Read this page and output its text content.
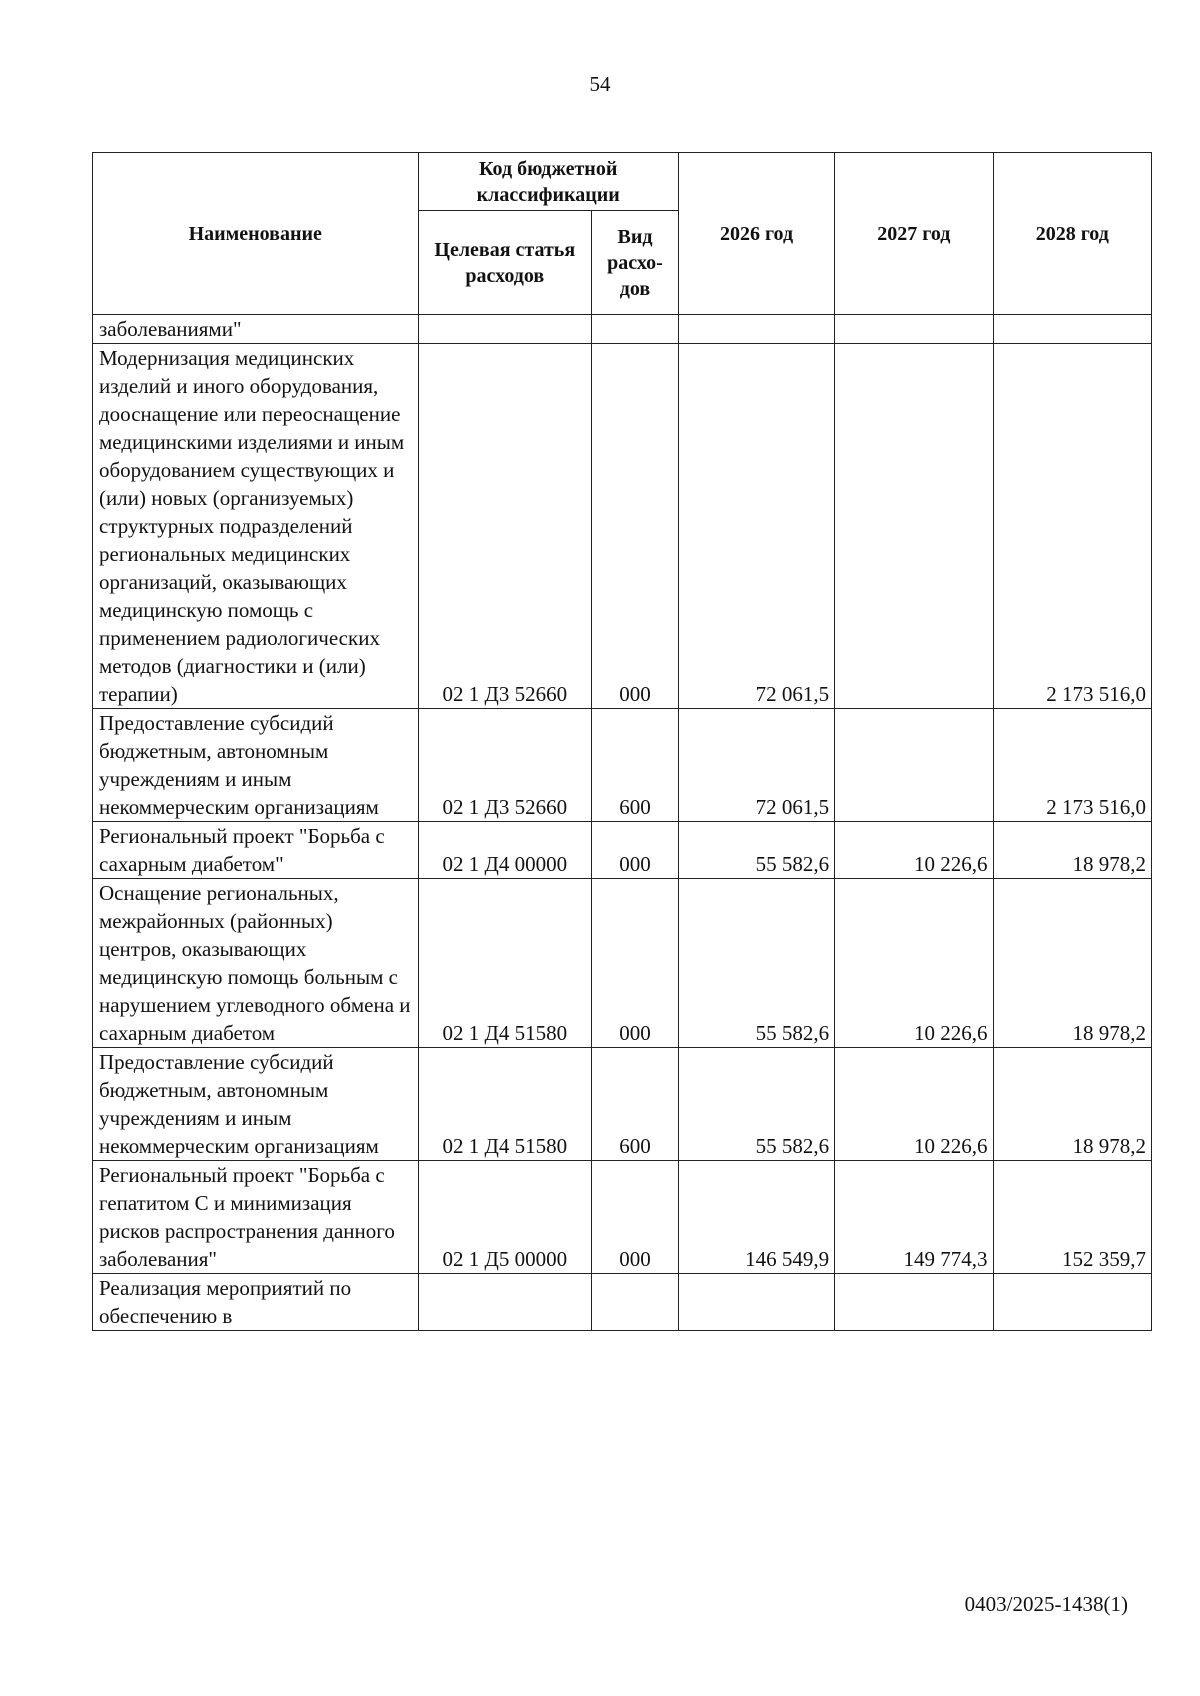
54
Наименование	Код бюджетной классификации		2026 год	2027 год	2028 год
	Целевая статья расходов	Вид расхо-дов			
заболеваниями"					
Модернизация медицинских изделий и иного оборудования, дооснащение или переоснащение медицинскими изделиями и иным оборудованием существующих и (или) новых (организуемых) структурных подразделений региональных медицинских организаций, оказывающих медицинскую помощь с применением радиологических методов (диагностики и (или) терапии)	02 1 Д3 52660	000	72 061,5		2 173 516,0
Предоставление субсидий бюджетным, автономным учреждениям и иным некоммерческим организациям	02 1 Д3 52660	600	72 061,5		2 173 516,0
Региональный проект "Борьба с сахарным диабетом"	02 1 Д4 00000	000	55 582,6	10 226,6	18 978,2
Оснащение региональных, межрайонных (районных) центров, оказывающих медицинскую помощь больным с нарушением углеводного обмена и сахарным диабетом	02 1 Д4 51580	000	55 582,6	10 226,6	18 978,2
Предоставление субсидий бюджетным, автономным учреждениям и иным некоммерческим организациям	02 1 Д4 51580	600	55 582,6	10 226,6	18 978,2
Региональный проект "Борьба с гепатитом С и минимизация рисков распространения данного заболевания"	02 1 Д5 00000	000	146 549,9	149 774,3	152 359,7
Реализация мероприятий по обеспечению в					
0403/2025-1438(1)
